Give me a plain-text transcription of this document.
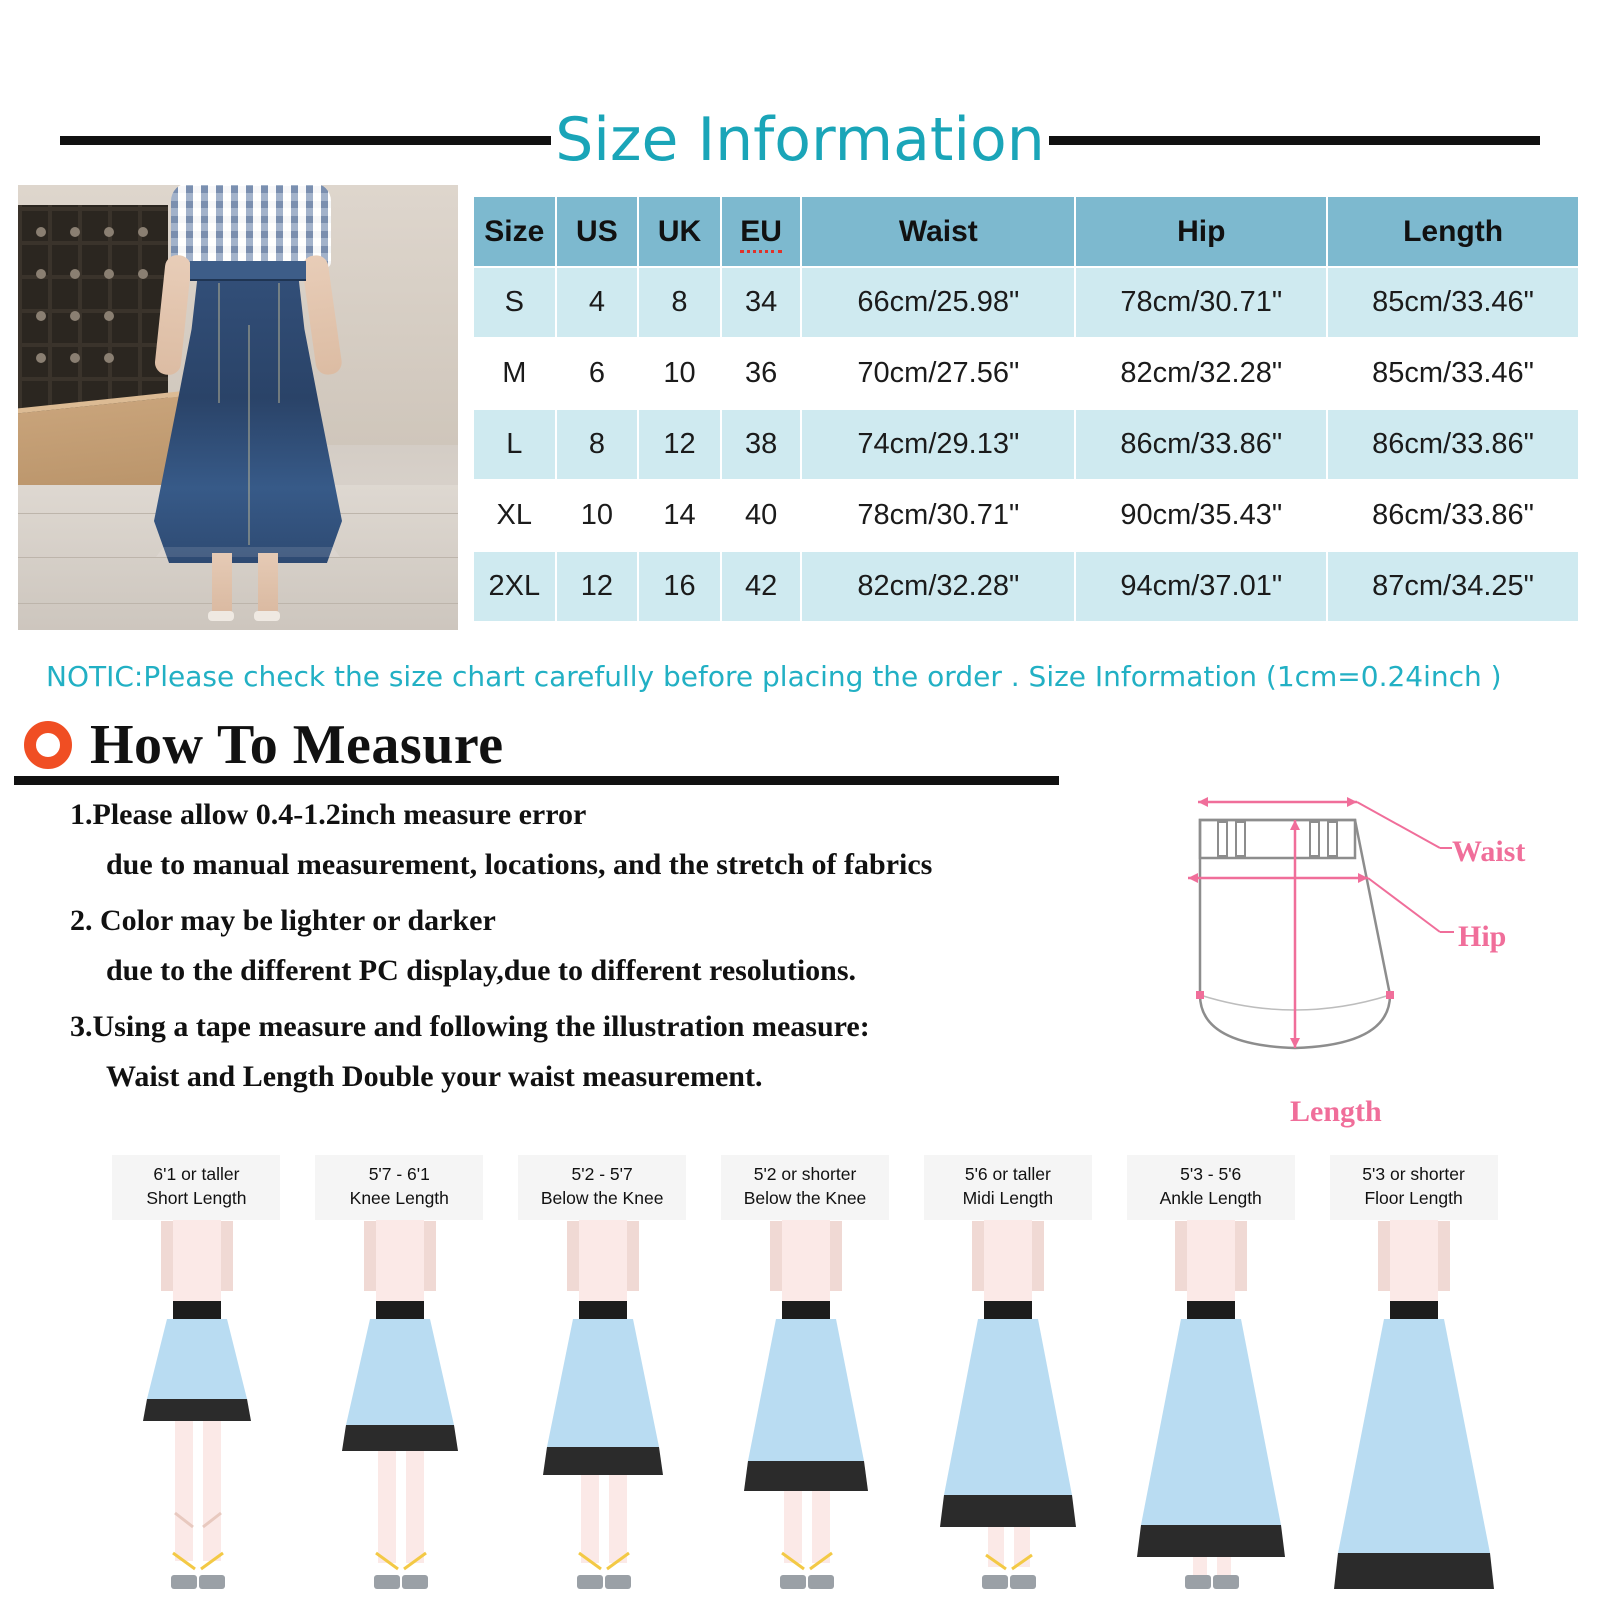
Size Information
Size	US	UK	EU	Waist	Hip	Length
S	4	8	34	66cm/25.98"	78cm/30.71"	85cm/33.46"
M	6	10	36	70cm/27.56"	82cm/32.28"	85cm/33.46"
L	8	12	38	74cm/29.13"	86cm/33.86"	86cm/33.86"
XL	10	14	40	78cm/30.71"	90cm/35.43"	86cm/33.86"
2XL	12	16	42	82cm/32.28"	94cm/37.01"	87cm/34.25"
NOTIC:Please check the size chart carefully before placing the order . Size Information (1cm=0.24inch )
How To Measure
1.Please allow 0.4-1.2inch measure error
due to manual measurement, locations, and the stretch of fabrics
2. Color may be lighter or darker
due to the different PC display,due to different resolutions.
3.Using a tape measure and following the illustration measure:
Waist and Length Double your waist measurement.
Waist
Hip
Length
6'1 or taller
Short Length
5'7 - 6'1
Knee Length
5'2 - 5'7
Below the Knee
5'2 or shorter
Below the Knee
5'6 or taller
Midi Length
5'3 - 5'6
Ankle Length
5'3 or shorter
Floor Length
